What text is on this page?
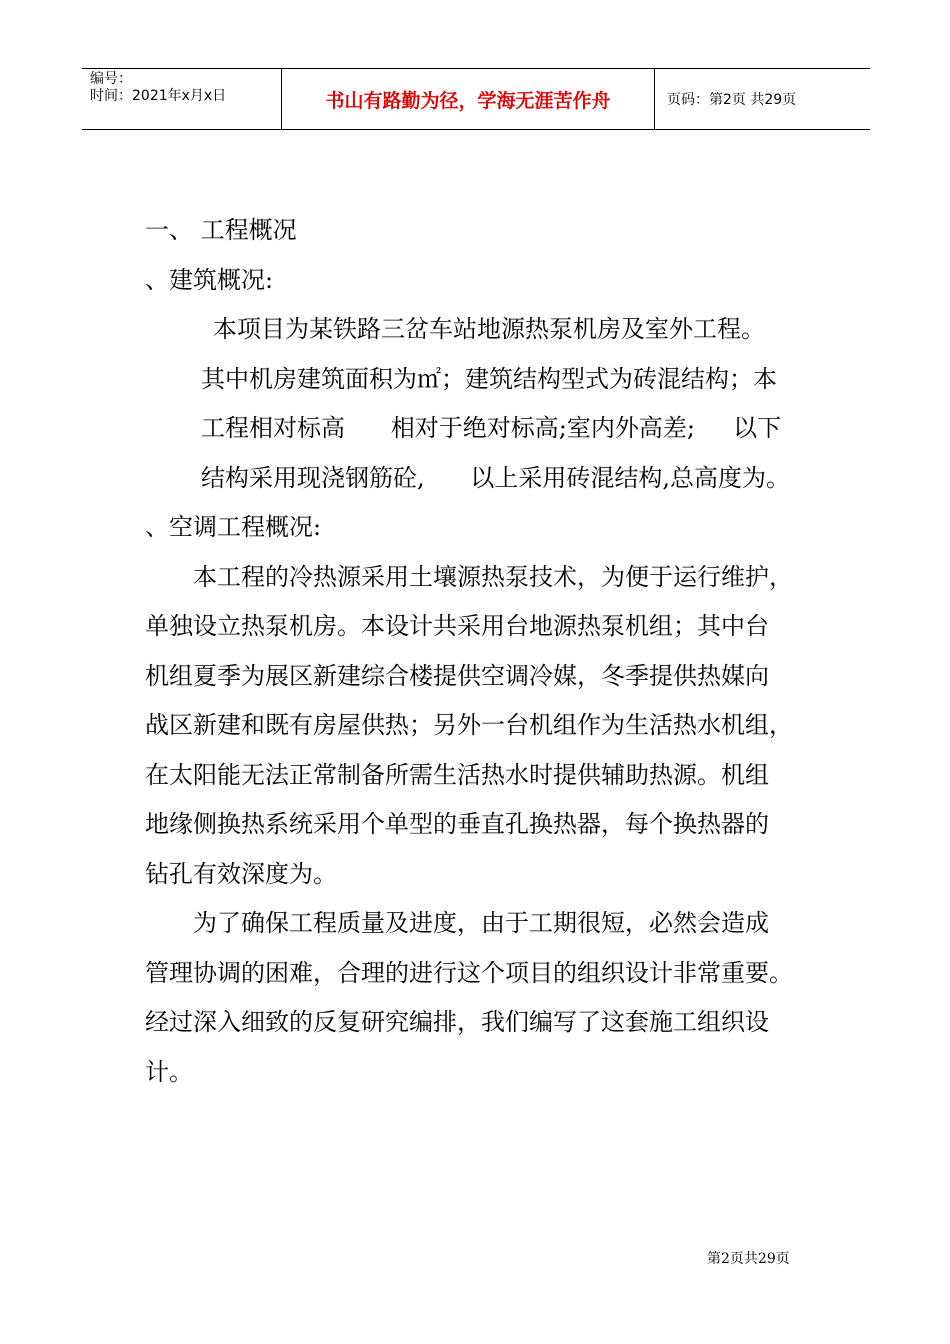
编号：
时间：2021年x月x日	书山有路勤为径，学海无涯苦作舟	页码：第2页 共29页

一、 工程概况

、建筑概况:

本项目为某铁路三岔车站地源热泵机房及室外工程。

其中机房建筑面积为㎡；建筑结构型式为砖混结构；本

工程相对标高      相对于绝对标高;室内外高差;     以下

结构采用现浇钢筋砼,      以上采用砖混结构,总高度为。

、空调工程概况:

本工程的冷热源采用土壤源热泵技术，为便于运行维护，

单独设立热泵机房。本设计共采用台地源热泵机组；其中台

机组夏季为展区新建综合楼提供空调冷媒，冬季提供热媒向

战区新建和既有房屋供热；另外一台机组作为生活热水机组，

在太阳能无法正常制备所需生活热水时提供辅助热源。机组

地缘侧换热系统采用个单型的垂直孔换热器，每个换热器的

钻孔有效深度为。

为了确保工程质量及进度，由于工期很短，必然会造成

管理协调的困难，合理的进行这个项目的组织设计非常重要。

经过深入细致的反复研究编排，我们编写了这套施工组织设

计。

第2页共29页
